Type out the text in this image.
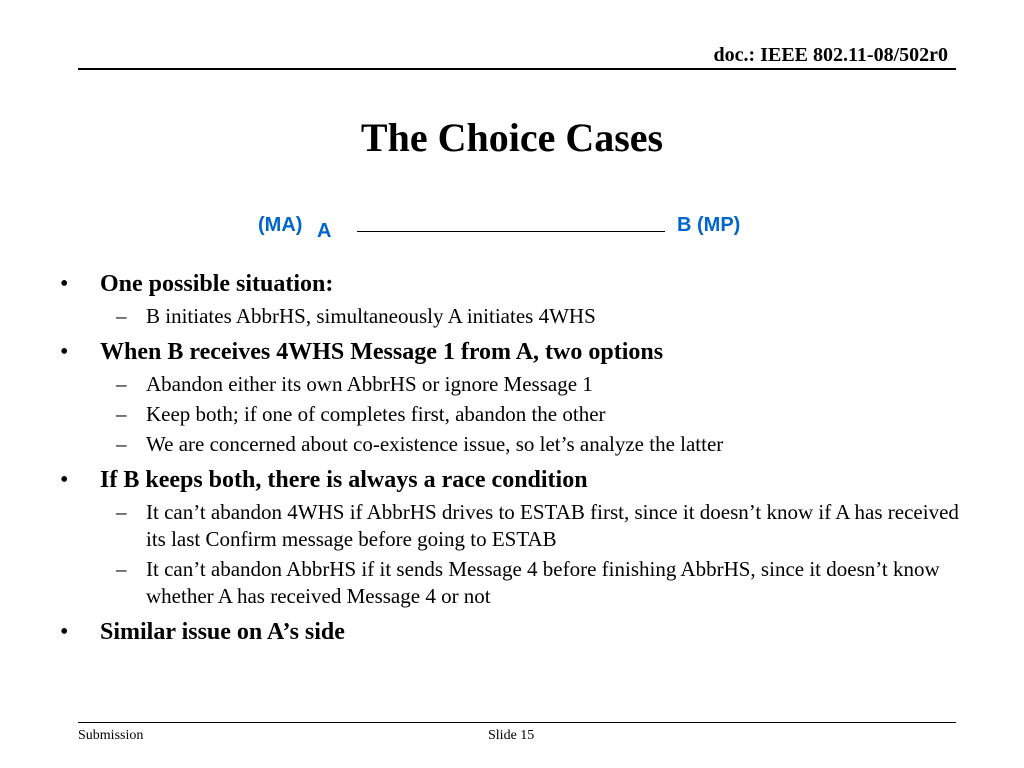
doc.: IEEE 802.11-08/502r0
The Choice Cases
(MA) A	B (MP)
• One possible situation:
– B initiates AbbrHS, simultaneously A initiates 4WHS
• When B receives 4WHS Message 1 from A, two options
– Abandon either its own AbbrHS or ignore Message 1
– Keep both; if one of completes first, abandon the other
– We are concerned about co-existence issue, so let’s analyze the latter
• If B keeps both, there is always a race condition
– It can’t abandon 4WHS if AbbrHS drives to ESTAB first, since it doesn’t know if A has received its last Confirm message before going to ESTAB
– It can’t abandon AbbrHS if it sends Message 4 before finishing AbbrHS, since it doesn’t know whether A has received Message 4 or not
• Similar issue on A’s side
Submission	Slide 15
